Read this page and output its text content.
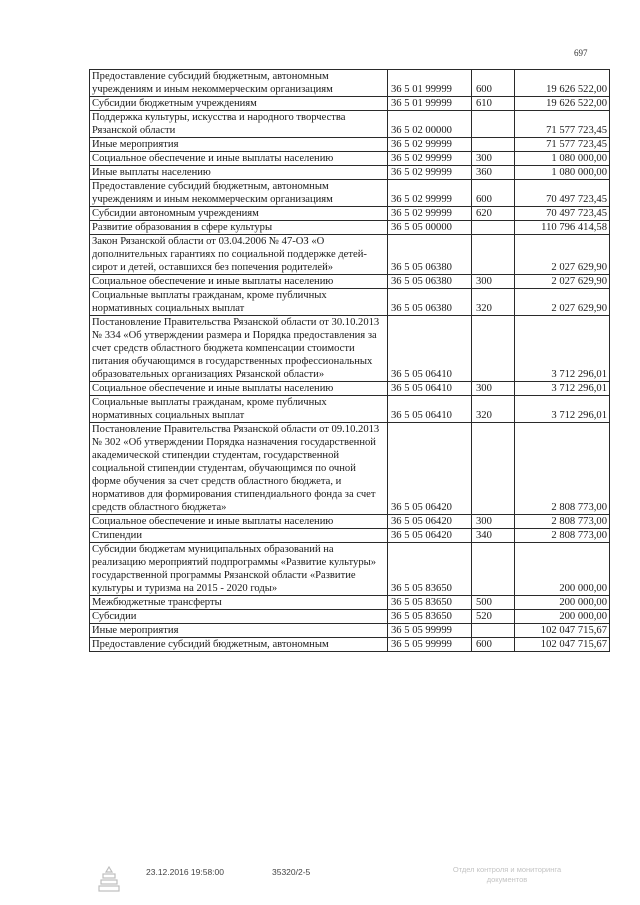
697
Предоставление субсидий бюджетным, автономным учреждениям и иным некоммерческим организациям	36 5 01 99999	600	19 626 522,00
Субсидии бюджетным учреждениям	36 5 01 99999	610	19 626 522,00
Поддержка культуры, искусства и народного творчества Рязанской области	36 5 02 00000		71 577 723,45
Иные мероприятия	36 5 02 99999		71 577 723,45
Социальное обеспечение и иные выплаты населению	36 5 02 99999	300	1 080 000,00
Иные выплаты населению	36 5 02 99999	360	1 080 000,00
Предоставление субсидий бюджетным, автономным учреждениям и иным некоммерческим организациям	36 5 02 99999	600	70 497 723,45
Субсидии автономным учреждениям	36 5 02 99999	620	70 497 723,45
Развитие образования в сфере культуры	36 5 05 00000		110 796 414,58
Закон Рязанской области от 03.04.2006 № 47-ОЗ «О дополнительных гарантиях по социальной поддержке детей-сирот и детей, оставшихся без попечения родителей»	36 5 05 06380		2 027 629,90
Социальное обеспечение и иные выплаты населению	36 5 05 06380	300	2 027 629,90
Социальные выплаты гражданам, кроме публичных нормативных социальных выплат	36 5 05 06380	320	2 027 629,90
Постановление Правительства Рязанской области от 30.10.2013 № 334 «Об утверждении размера и Порядка предоставления за счет средств областного бюджета компенсации стоимости питания обучающимся в государственных профессиональных образовательных организациях Рязанской области»	36 5 05 06410		3 712 296,01
Социальное обеспечение и иные выплаты населению	36 5 05 06410	300	3 712 296,01
Социальные выплаты гражданам, кроме публичных нормативных социальных выплат	36 5 05 06410	320	3 712 296,01
Постановление Правительства Рязанской области от 09.10.2013 № 302 «Об утверждении Порядка назначения государственной академической стипендии студентам, государственной социальной стипендии студентам, обучающимся по очной форме обучения за счет средств областного бюджета, и нормативов для формирования стипендиального фонда за счет средств областного бюджета»	36 5 05 06420		2 808 773,00
Социальное обеспечение и иные выплаты населению	36 5 05 06420	300	2 808 773,00
Стипендии	36 5 05 06420	340	2 808 773,00
Субсидии бюджетам муниципальных образований на реализацию мероприятий подпрограммы «Развитие культуры» государственной программы Рязанской области «Развитие культуры и туризма на 2015 - 2020 годы»	36 5 05 83650		200 000,00
Межбюджетные трансферты	36 5 05 83650	500	200 000,00
Субсидии	36 5 05 83650	520	200 000,00
Иные мероприятия	36 5 05 99999		102 047 715,67
Предоставление субсидий бюджетным, автономным	36 5 05 99999	600	102 047 715,67
23.12.2016 19:58:00	35320/2-5	Отдел контроля и мониторинга
документов
